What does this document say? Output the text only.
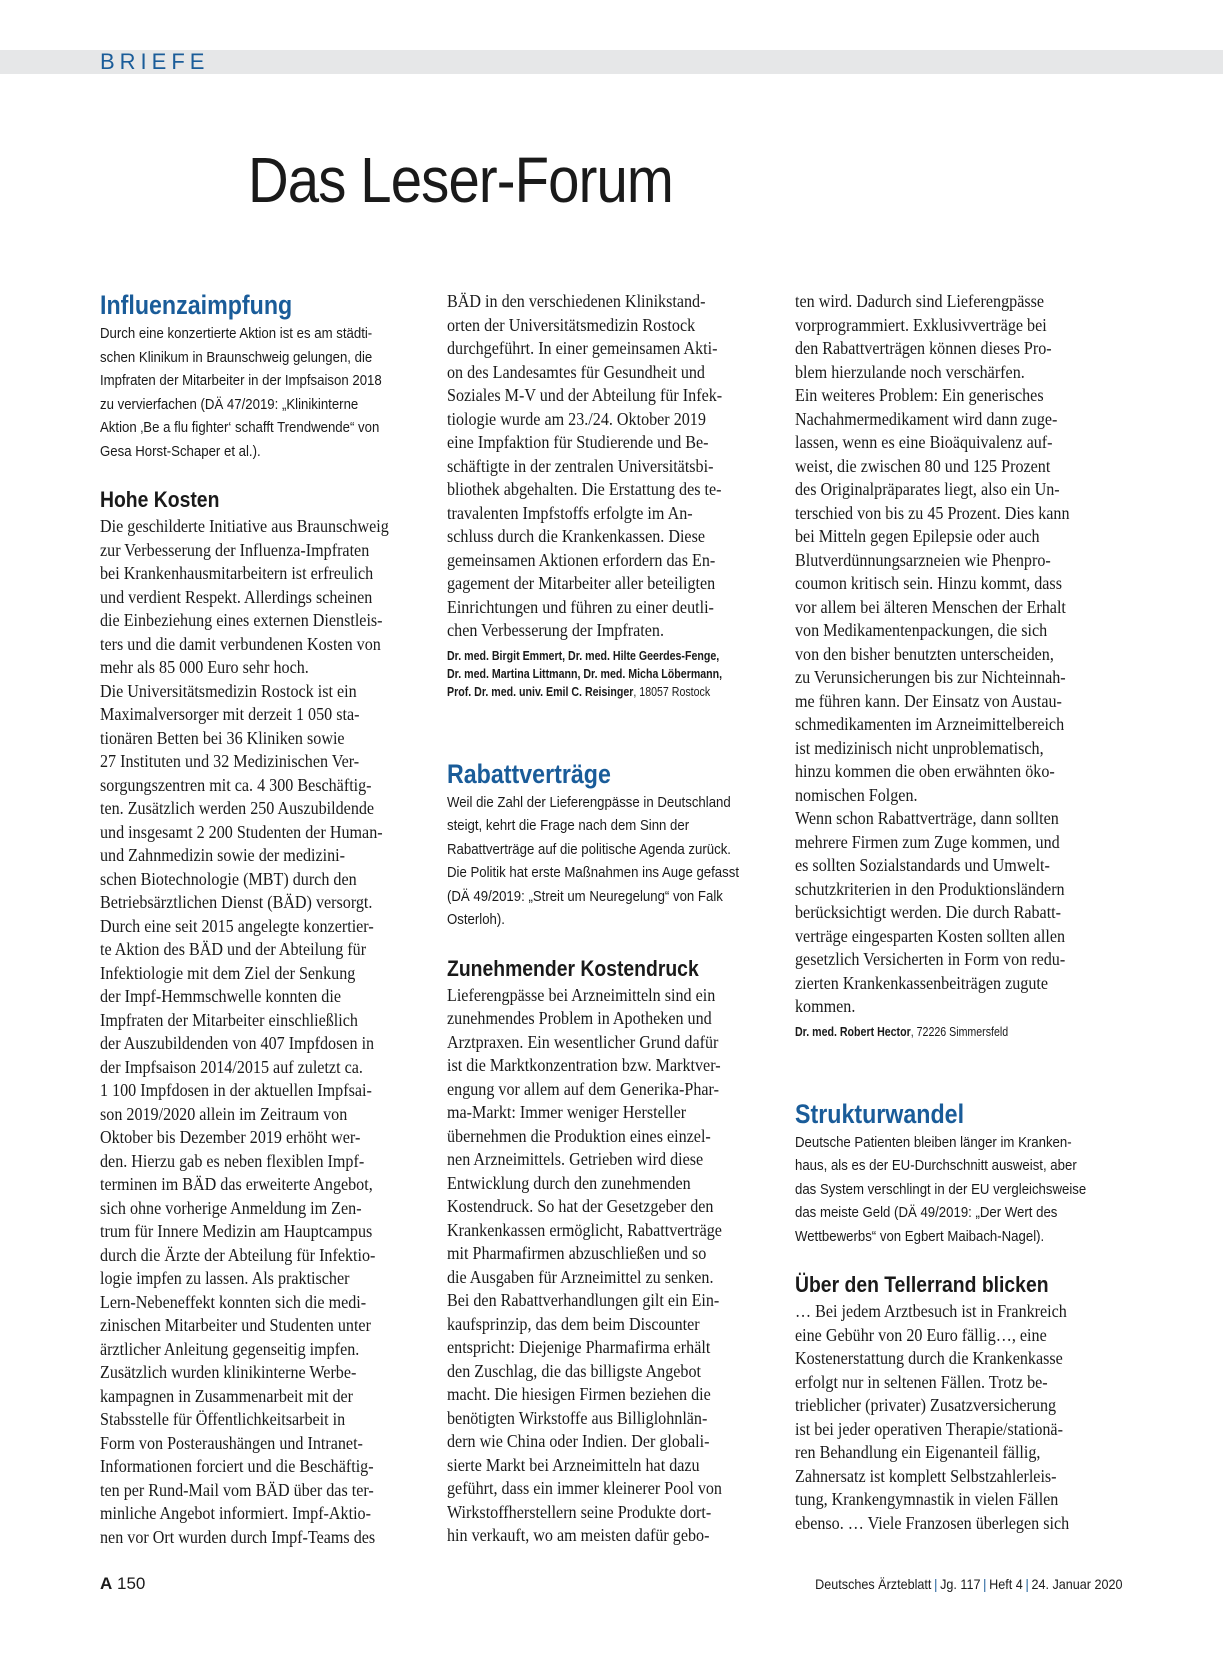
BRIEFE
Das Leser-Forum
Influenzaimpfung
Durch eine konzertierte Aktion ist es am städti-
schen Klinikum in Braunschweig gelungen, die
Impfraten der Mitarbeiter in der Impfsaison 2018
zu vervierfachen (DÄ 47/2019: „Klinikinterne
Aktion ‚Be a flu fighter‘ schafft Trendwende“ von
Gesa Horst-Schaper et al.).
Hohe Kosten
Die geschilderte Initiative aus Braunschweig
zur Verbesserung der Influenza-Impfraten
bei Krankenhausmitarbeitern ist erfreulich
und verdient Respekt. Allerdings scheinen
die Einbeziehung eines externen Dienstleis-
ters und die damit verbundenen Kosten von
mehr als 85 000 Euro sehr hoch.
Die Universitätsmedizin Rostock ist ein
Maximalversorger mit derzeit 1 050 sta-
tionären Betten bei 36 Kliniken sowie
27 Instituten und 32 Medizinischen Ver-
sorgungszentren mit ca. 4 300 Beschäftig-
ten. Zusätzlich werden 250 Auszubildende
und insgesamt 2 200 Studenten der Human-
und Zahnmedizin sowie der medizini-
schen Biotechnologie (MBT) durch den
Betriebsärztlichen Dienst (BÄD) versorgt.
Durch eine seit 2015 angelegte konzertier-
te Aktion des BÄD und der Abteilung für
Infektiologie mit dem Ziel der Senkung
der Impf-Hemmschwelle konnten die
Impfraten der Mitarbeiter einschließlich
der Auszubildenden von 407 Impfdosen in
der Impfsaison 2014/2015 auf zuletzt ca.
1 100 Impfdosen in der aktuellen Impfsai-
son 2019/2020 allein im Zeitraum von
Oktober bis Dezember 2019 erhöht wer-
den. Hierzu gab es neben flexiblen Impf-
terminen im BÄD das erweiterte Angebot,
sich ohne vorherige Anmeldung im Zen-
trum für Innere Medizin am Hauptcampus
durch die Ärzte der Abteilung für Infektio-
logie impfen zu lassen. Als praktischer
Lern-Nebeneffekt konnten sich die medi-
zinischen Mitarbeiter und Studenten unter
ärztlicher Anleitung gegenseitig impfen.
Zusätzlich wurden klinikinterne Werbe-
kampagnen in Zusammenarbeit mit der
Stabsstelle für Öffentlichkeitsarbeit in
Form von Posteraushängen und Intranet-
Informationen forciert und die Beschäftig-
ten per Rund-Mail vom BÄD über das ter-
minliche Angebot informiert. Impf-Aktio-
nen vor Ort wurden durch Impf-Teams des
BÄD in den verschiedenen Klinikstand-
orten der Universitätsmedizin Rostock
durchgeführt. In einer gemeinsamen Akti-
on des Landesamtes für Gesundheit und
Soziales M-V und der Abteilung für Infek-
tiologie wurde am 23./24. Oktober 2019
eine Impfaktion für Studierende und Be-
schäftigte in der zentralen Universitätsbi-
bliothek abgehalten. Die Erstattung des te-
travalenten Impfstoffs erfolgte im An-
schluss durch die Krankenkassen. Diese
gemeinsamen Aktionen erfordern das En-
gagement der Mitarbeiter aller beteiligten
Einrichtungen und führen zu einer deutli-
chen Verbesserung der Impfraten.
Dr. med. Birgit Emmert, Dr. med. Hilte Geerdes-Fenge,
Dr. med. Martina Littmann, Dr. med. Micha Löbermann,
Prof. Dr. med. univ. Emil C. Reisinger, 18057 Rostock
Rabattverträge
Weil die Zahl der Lieferengpässe in Deutschland
steigt, kehrt die Frage nach dem Sinn der
Rabattverträge auf die politische Agenda zurück.
Die Politik hat erste Maßnahmen ins Auge gefasst
(DÄ 49/2019: „Streit um Neuregelung“ von Falk
Osterloh).
Zunehmender Kostendruck
Lieferengpässe bei Arzneimitteln sind ein
zunehmendes Problem in Apotheken und
Arztpraxen. Ein wesentlicher Grund dafür
ist die Marktkonzentration bzw. Marktver-
engung vor allem auf dem Generika-Phar-
ma-Markt: Immer weniger Hersteller
übernehmen die Produktion eines einzel-
nen Arzneimittels. Getrieben wird diese
Entwicklung durch den zunehmenden
Kostendruck. So hat der Gesetzgeber den
Krankenkassen ermöglicht, Rabattverträge
mit Pharmafirmen abzuschließen und so
die Ausgaben für Arzneimittel zu senken.
Bei den Rabattverhandlungen gilt ein Ein-
kaufsprinzip, das dem beim Discounter
entspricht: Diejenige Pharmafirma erhält
den Zuschlag, die das billigste Angebot
macht. Die hiesigen Firmen beziehen die
benötigten Wirkstoffe aus Billiglohnlän-
dern wie China oder Indien. Der globali-
sierte Markt bei Arzneimitteln hat dazu
geführt, dass ein immer kleinerer Pool von
Wirkstoffherstellern seine Produkte dort-
hin verkauft, wo am meisten dafür gebo-
ten wird. Dadurch sind Lieferengpässe
vorprogrammiert. Exklusivverträge bei
den Rabattverträgen können dieses Pro-
blem hierzulande noch verschärfen.
Ein weiteres Problem: Ein generisches
Nachahmermedikament wird dann zuge-
lassen, wenn es eine Bioäquivalenz auf-
weist, die zwischen 80 und 125 Prozent
des Originalpräparates liegt, also ein Un-
terschied von bis zu 45 Prozent. Dies kann
bei Mitteln gegen Epilepsie oder auch
Blutverdünnungsarzneien wie Phenpro-
coumon kritisch sein. Hinzu kommt, dass
vor allem bei älteren Menschen der Erhalt
von Medikamentenpackungen, die sich
von den bisher benutzten unterscheiden,
zu Verunsicherungen bis zur Nichteinnah-
me führen kann. Der Einsatz von Austau-
schmedikamenten im Arzneimittelbereich
ist medizinisch nicht unproblematisch,
hinzu kommen die oben erwähnten öko-
nomischen Folgen.
Wenn schon Rabattverträge, dann sollten
mehrere Firmen zum Zuge kommen, und
es sollten Sozialstandards und Umwelt-
schutzkriterien in den Produktionsländern
berücksichtigt werden. Die durch Rabatt-
verträge eingesparten Kosten sollten allen
gesetzlich Versicherten in Form von redu-
zierten Krankenkassenbeiträgen zugute
kommen.
Dr. med. Robert Hector, 72226 Simmersfeld
Strukturwandel
Deutsche Patienten bleiben länger im Kranken-
haus, als es der EU-Durchschnitt ausweist, aber
das System verschlingt in der EU vergleichsweise
das meiste Geld (DÄ 49/2019: „Der Wert des
Wettbewerbs“ von Egbert Maibach-Nagel).
Über den Tellerrand blicken
… Bei jedem Arztbesuch ist in Frankreich
eine Gebühr von 20 Euro fällig…, eine
Kostenerstattung durch die Krankenkasse
erfolgt nur in seltenen Fällen. Trotz be-
trieblicher (privater) Zusatzversicherung
ist bei jeder operativen Therapie/stationä-
ren Behandlung ein Eigenanteil fällig,
Zahnersatz ist komplett Selbstzahlerleis-
tung, Krankengymnastik in vielen Fällen
ebenso. … Viele Franzosen überlegen sich
A 150	Deutsches Ärzteblatt | Jg. 117 | Heft 4 | 24. Januar 2020
